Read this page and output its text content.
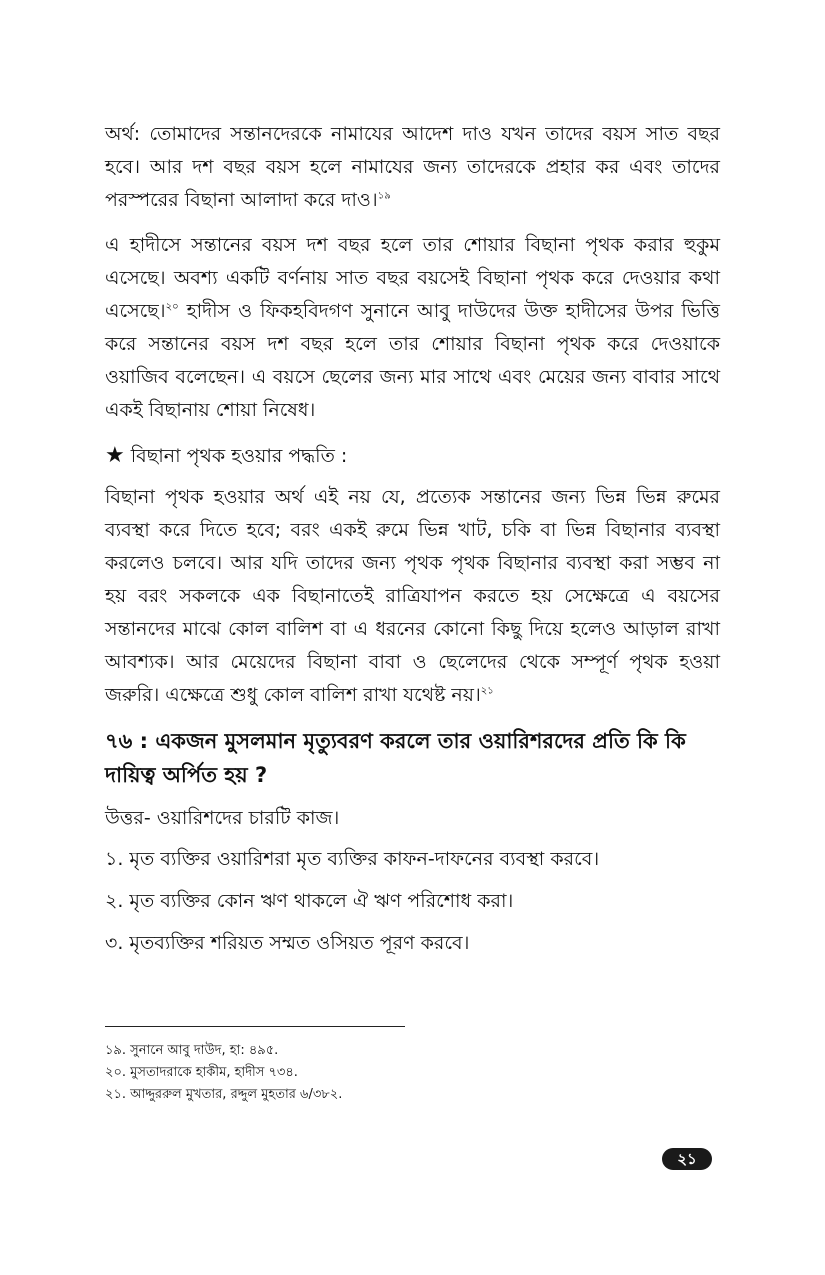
অর্থ: তোমাদের সন্তানদেরকে নামাযের আদেশ দাও যখন তাদের বয়স সাত বছর হবে। আর দশ বছর বয়স হলে নামাযের জন্য তাদেরকে প্রহার কর এবং তাদের পরস্পরের বিছানা আলাদা করে দাও।$^{১৯}$

এ হাদীসে সন্তানের বয়স দশ বছর হলে তার শোয়ার বিছানা পৃথক করার হুকুম এসেছে। অবশ্য একটি বর্ণনায় সাত বছর বয়সেই বিছানা পৃথক করে দেওয়ার কথা এসেছে।$^{২০}$ হাদীস ও ফিকহবিদগণ সুনানে আবু দাউদের উক্ত হাদীসের উপর ভিত্তি করে সন্তানের বয়স দশ বছর হলে তার শোয়ার বিছানা পৃথক করে দেওয়াকে ওয়াজিব বলেছেন। এ বয়সে ছেলের জন্য মার সাথে এবং মেয়ের জন্য বাবার সাথে একই বিছানায় শোয়া নিষেধ।

★ বিছানা পৃথক হওয়ার পদ্ধতি :

বিছানা পৃথক হওয়ার অর্থ এই নয় যে, প্রত্যেক সন্তানের জন্য ভিন্ন ভিন্ন রুমের ব্যবস্থা করে দিতে হবে; বরং একই রুমে ভিন্ন খাট, চকি বা ভিন্ন বিছানার ব্যবস্থা করলেও চলবে। আর যদি তাদের জন্য পৃথক পৃথক বিছানার ব্যবস্থা করা সম্ভব না হয় বরং সকলকে এক বিছানাতেই রাত্রিযাপন করতে হয় সেক্ষেত্রে এ বয়সের সন্তানদের মাঝে কোল বালিশ বা এ ধরনের কোনো কিছু দিয়ে হলেও আড়াল রাখা আবশ্যক। আর মেয়েদের বিছানা বাবা ও ছেলেদের থেকে সম্পূর্ণ পৃথক হওয়া জরুরি। এক্ষেত্রে শুধু কোল বালিশ রাখা যথেষ্ট নয়।$^{২১}$

৭৬ : একজন মুসলমান মৃত্যুবরণ করলে তার ওয়ারিশরদের প্রতি কি কি দায়িত্ব অর্পিত হয় ?
উত্তর- ওয়ারিশদের চারটি কাজ।
১. মৃত ব্যক্তির ওয়ারিশরা মৃত ব্যক্তির কাফন-দাফনের ব্যবস্থা করবে।
২. মৃত ব্যক্তির কোন ঋণ থাকলে ঐ ঋণ পরিশোধ করা।
৩. মৃতব্যক্তির শরিয়ত সম্মত ওসিয়ত পূরণ করবে।
১৯. সুনানে আবু দাউদ, হা: ৪৯৫.
২০. মুসতাদরাকে হাকীম, হাদীস ৭৩৪.
২১. আদ্দুররুল মুখতার, রদ্দুল মুহতার ৬/৩৮২.
২১
